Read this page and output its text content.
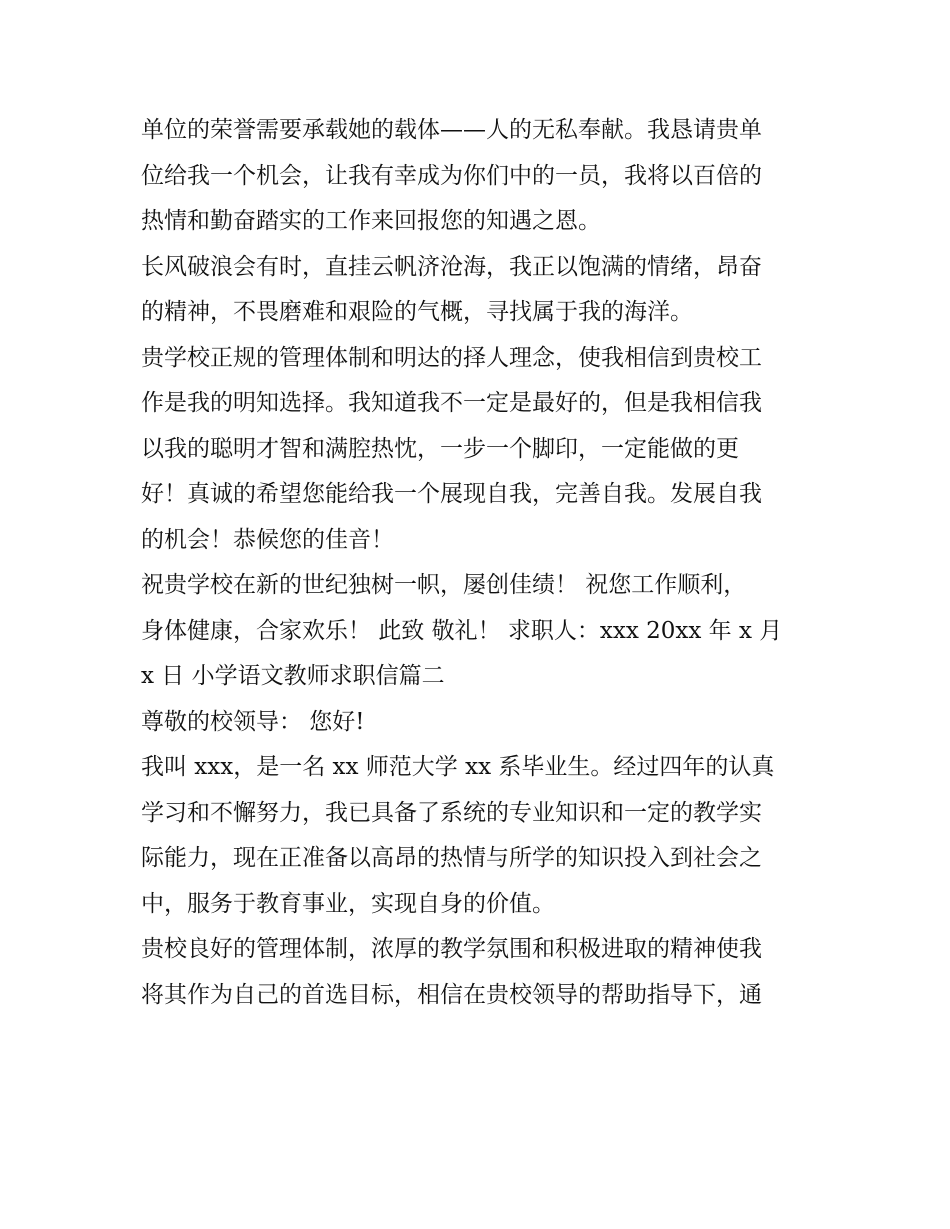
单位的荣誉需要承载她的载体——人的无私奉献。我恳请贵单
位给我一个机会，让我有幸成为你们中的一员，我将以百倍的
热情和勤奋踏实的工作来回报您的知遇之恩。
长风破浪会有时，直挂云帆济沧海，我正以饱满的情绪，昂奋
的精神，不畏磨难和艰险的气概，寻找属于我的海洋。
贵学校正规的管理体制和明达的择人理念，使我相信到贵校工
作是我的明知选择。我知道我不一定是最好的，但是我相信我
以我的聪明才智和满腔热忱，一步一个脚印，一定能做的更
好！真诚的希望您能给我一个展现自我，完善自我。发展自我
的机会！恭候您的佳音！
祝贵学校在新的世纪独树一帜，屡创佳绩！ 祝您工作顺利，
身体健康，合家欢乐！ 此致 敬礼！ 求职人：xxx 20xx 年 x 月
x 日 小学语文教师求职信篇二
尊敬的校领导： 您好!
我叫 xxx，是一名 xx 师范大学 xx 系毕业生。经过四年的认真
学习和不懈努力，我已具备了系统的专业知识和一定的教学实
际能力，现在正准备以高昂的热情与所学的知识投入到社会之
中，服务于教育事业，实现自身的价值。
贵校良好的管理体制，浓厚的教学氛围和积极进取的精神使我
将其作为自己的首选目标，相信在贵校领导的帮助指导下，通
